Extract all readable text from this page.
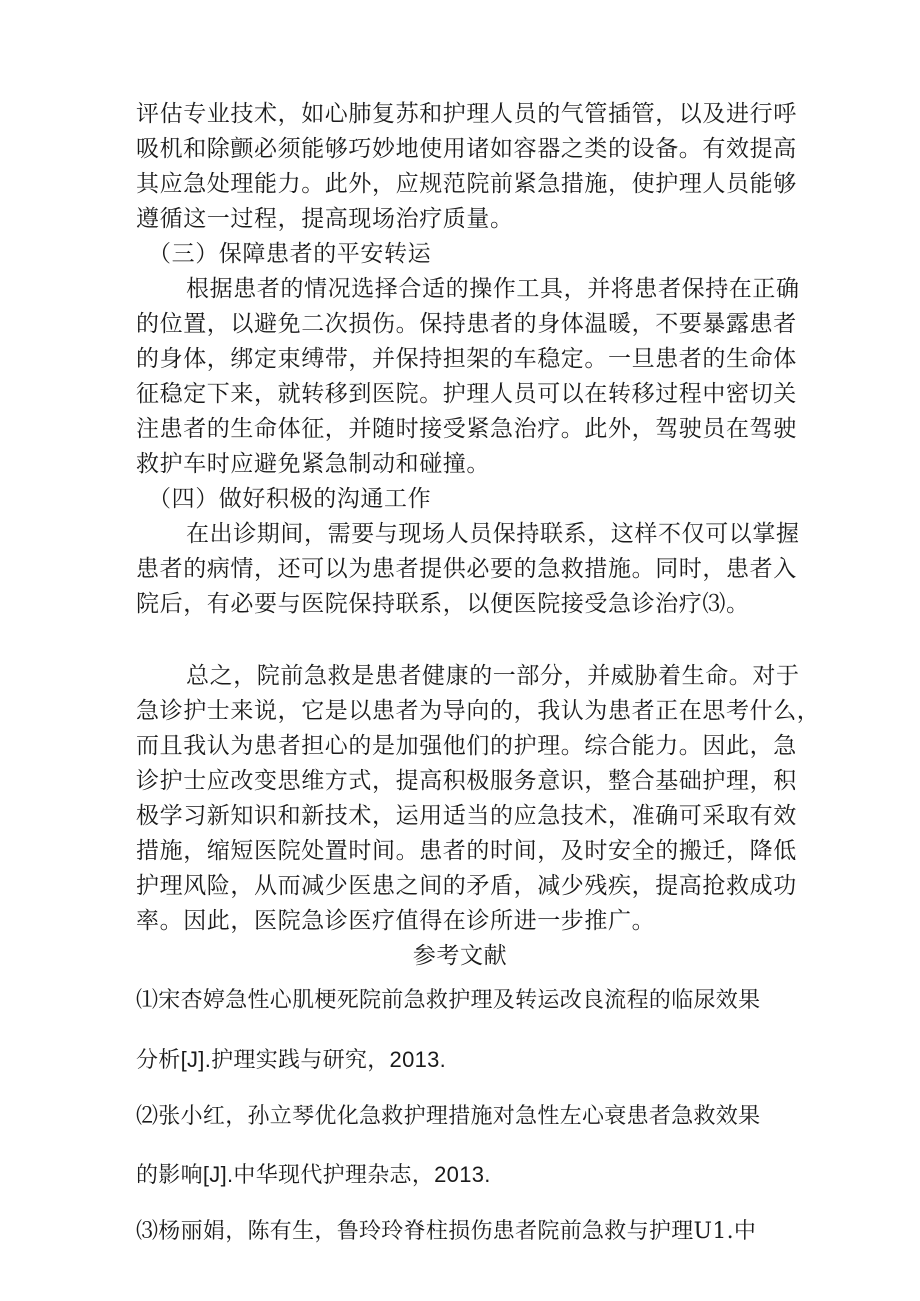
评估专业技术，如心肺复苏和护理人员的气管插管，以及进行呼

吸机和除颤必须能够巧妙地使用诸如容器之类的设备。有效提高

其应急处理能力。此外，应规范院前紧急措施，使护理人员能够

遵循这一过程，提高现场治疗质量。

（三）保障患者的平安转运

根据患者的情况选择合适的操作工具，并将患者保持在正确

的位置，以避免二次损伤。保持患者的身体温暖，不要暴露患者

的身体，绑定束缚带，并保持担架的车稳定。一旦患者的生命体

征稳定下来，就转移到医院。护理人员可以在转移过程中密切关

注患者的生命体征，并随时接受紧急治疗。此外，驾驶员在驾驶

救护车时应避免紧急制动和碰撞。

（四）做好积极的沟通工作

在出诊期间，需要与现场人员保持联系，这样不仅可以掌握

患者的病情，还可以为患者提供必要的急救措施。同时，患者入

院后，有必要与医院保持联系，以便医院接受急诊治疗⑶。

总之，院前急救是患者健康的一部分，并威胁着生命。对于

急诊护士来说，它是以患者为导向的，我认为患者正在思考什么，

而且我认为患者担心的是加强他们的护理。综合能力。因此，急

诊护士应改变思维方式，提高积极服务意识，整合基础护理，积

极学习新知识和新技术，运用适当的应急技术，准确可采取有效

措施，缩短医院处置时间。患者的时间，及时安全的搬迁，降低

护理风险，从而减少医患之间的矛盾，减少残疾，提高抢救成功

率。因此，医院急诊医疗值得在诊所进一步推广。

参考文献

⑴宋杏婷急性心肌梗死院前急救护理及转运改良流程的临尿效果

分析[J].护理实践与研究，2013.

⑵张小红，孙立琴优化急救护理措施对急性左心衰患者急救效果

的影响[J].中华现代护理杂志，2013.

⑶杨丽娟，陈有生，鲁玲玲脊柱损伤患者院前急救与护理U1.中
